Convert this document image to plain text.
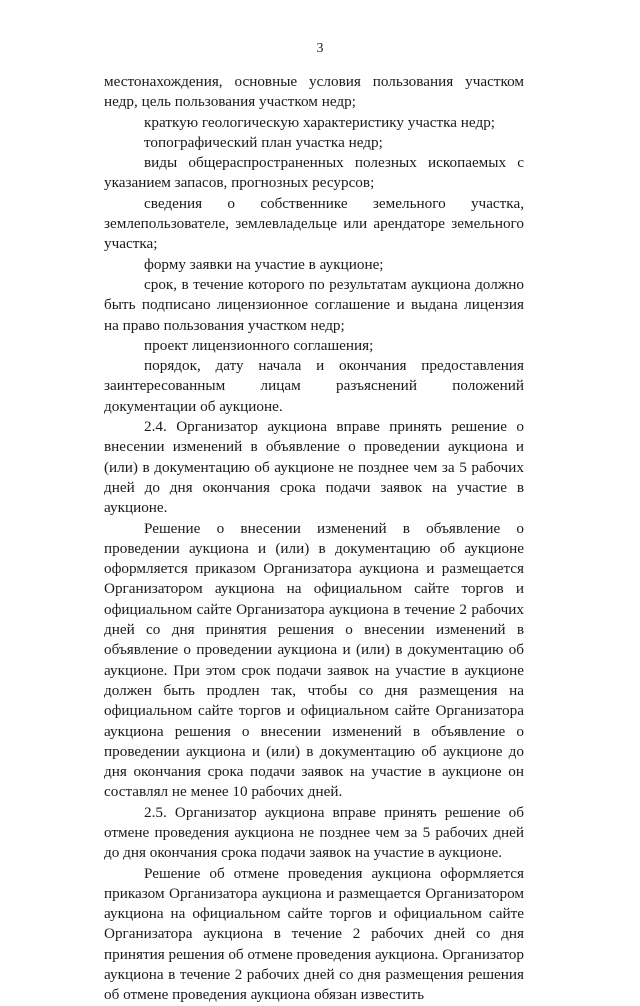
3

местонахождения, основные условия пользования участком недр, цель пользования участком недр;

краткую геологическую характеристику участка недр;

топографический план участка недр;

виды общераспространенных полезных ископаемых с указанием запасов, прогнозных ресурсов;

сведения о собственнике земельного участка, землепользователе, землевладельце или арендаторе земельного участка;

форму заявки на участие в аукционе;

срок, в течение которого по результатам аукциона должно быть подписано лицензионное соглашение и выдана лицензия на право пользования участком недр;

проект лицензионного соглашения;

порядок, дату начала и окончания предоставления заинтересованным лицам разъяснений положений документации об аукционе.

2.4. Организатор аукциона вправе принять решение о внесении изменений в объявление о проведении аукциона и (или) в документацию об аукционе не позднее чем за 5 рабочих дней до дня окончания срока подачи заявок на участие в аукционе.

Решение о внесении изменений в объявление о проведении аукциона и (или) в документацию об аукционе оформляется приказом Организатора аукциона и размещается Организатором аукциона на официальном сайте торгов и официальном сайте Организатора аукциона в течение 2 рабочих дней со дня принятия решения о внесении изменений в объявление о проведении аукциона и (или) в документацию об аукционе. При этом срок подачи заявок на участие в аукционе должен быть продлен так, чтобы со дня размещения на официальном сайте торгов и официальном сайте Организатора аукциона решения о внесении изменений в объявление о проведении аукциона и (или) в документацию об аукционе до дня окончания срока подачи заявок на участие в аукционе он составлял не менее 10 рабочих дней.

2.5. Организатор аукциона вправе принять решение об отмене проведения аукциона не позднее чем за 5 рабочих дней до дня окончания срока подачи заявок на участие в аукционе.

Решение об отмене проведения аукциона оформляется приказом Организатора аукциона и размещается Организатором аукциона на официальном сайте торгов и официальном сайте Организатора аукциона в течение 2 рабочих дней со дня принятия решения об отмене проведения аукциона. Организатор аукциона в течение 2 рабочих дней со дня размещения решения об отмене проведения аукциона обязан известить
